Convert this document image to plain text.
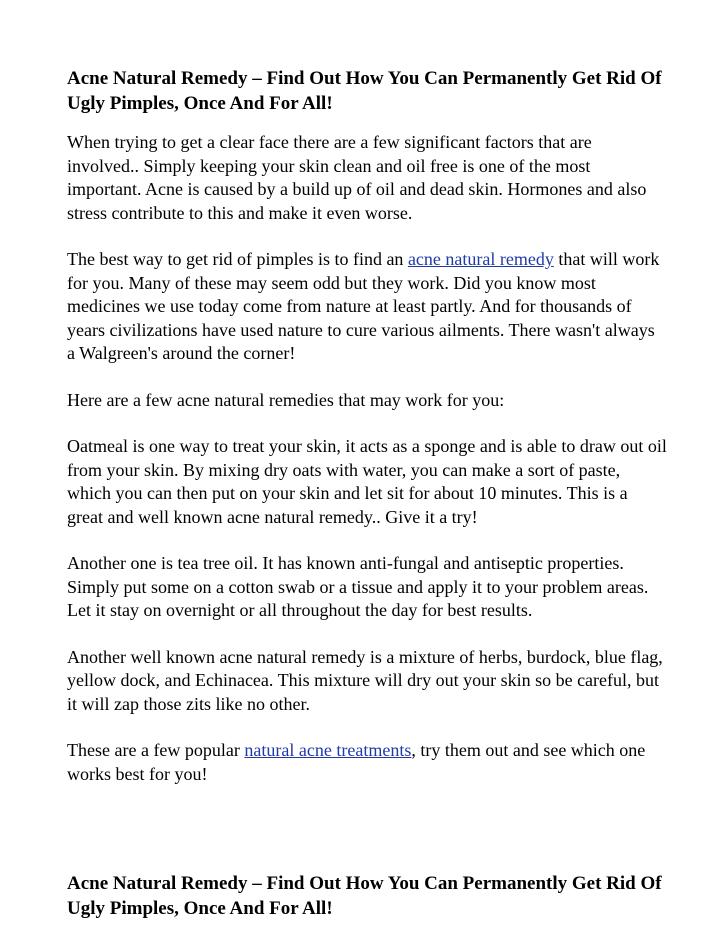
Acne Natural Remedy – Find Out How You Can Permanently Get Rid Of Ugly Pimples, Once And For All!

When trying to get a clear face there are a few significant factors that are involved.. Simply keeping your skin clean and oil free is one of the most important. Acne is caused by a build up of oil and dead skin. Hormones and also stress contribute to this and make it even worse.

The best way to get rid of pimples is to find an acne natural remedy that will work for you. Many of these may seem odd but they work. Did you know most medicines we use today come from nature at least partly. And for thousands of years civilizations have used nature to cure various ailments. There wasn't always a Walgreen's around the corner!

Here are a few acne natural remedies that may work for you:

Oatmeal is one way to treat your skin, it acts as a sponge and is able to draw out oil from your skin. By mixing dry oats with water, you can make a sort of paste, which you can then put on your skin and let sit for about 10 minutes. This is a great and well known acne natural remedy.. Give it a try!

Another one is tea tree oil. It has known anti-fungal and antiseptic properties. Simply put some on a cotton swab or a tissue and apply it to your problem areas. Let it stay on overnight or all throughout the day for best results.

Another well known acne natural remedy is a mixture of herbs, burdock, blue flag, yellow dock, and Echinacea. This mixture will dry out your skin so be careful, but it will zap those zits like no other.

These are a few popular natural acne treatments, try them out and see which one works best for you!

Acne Natural Remedy – Find Out How You Can Permanently Get Rid Of Ugly Pimples, Once And For All!
